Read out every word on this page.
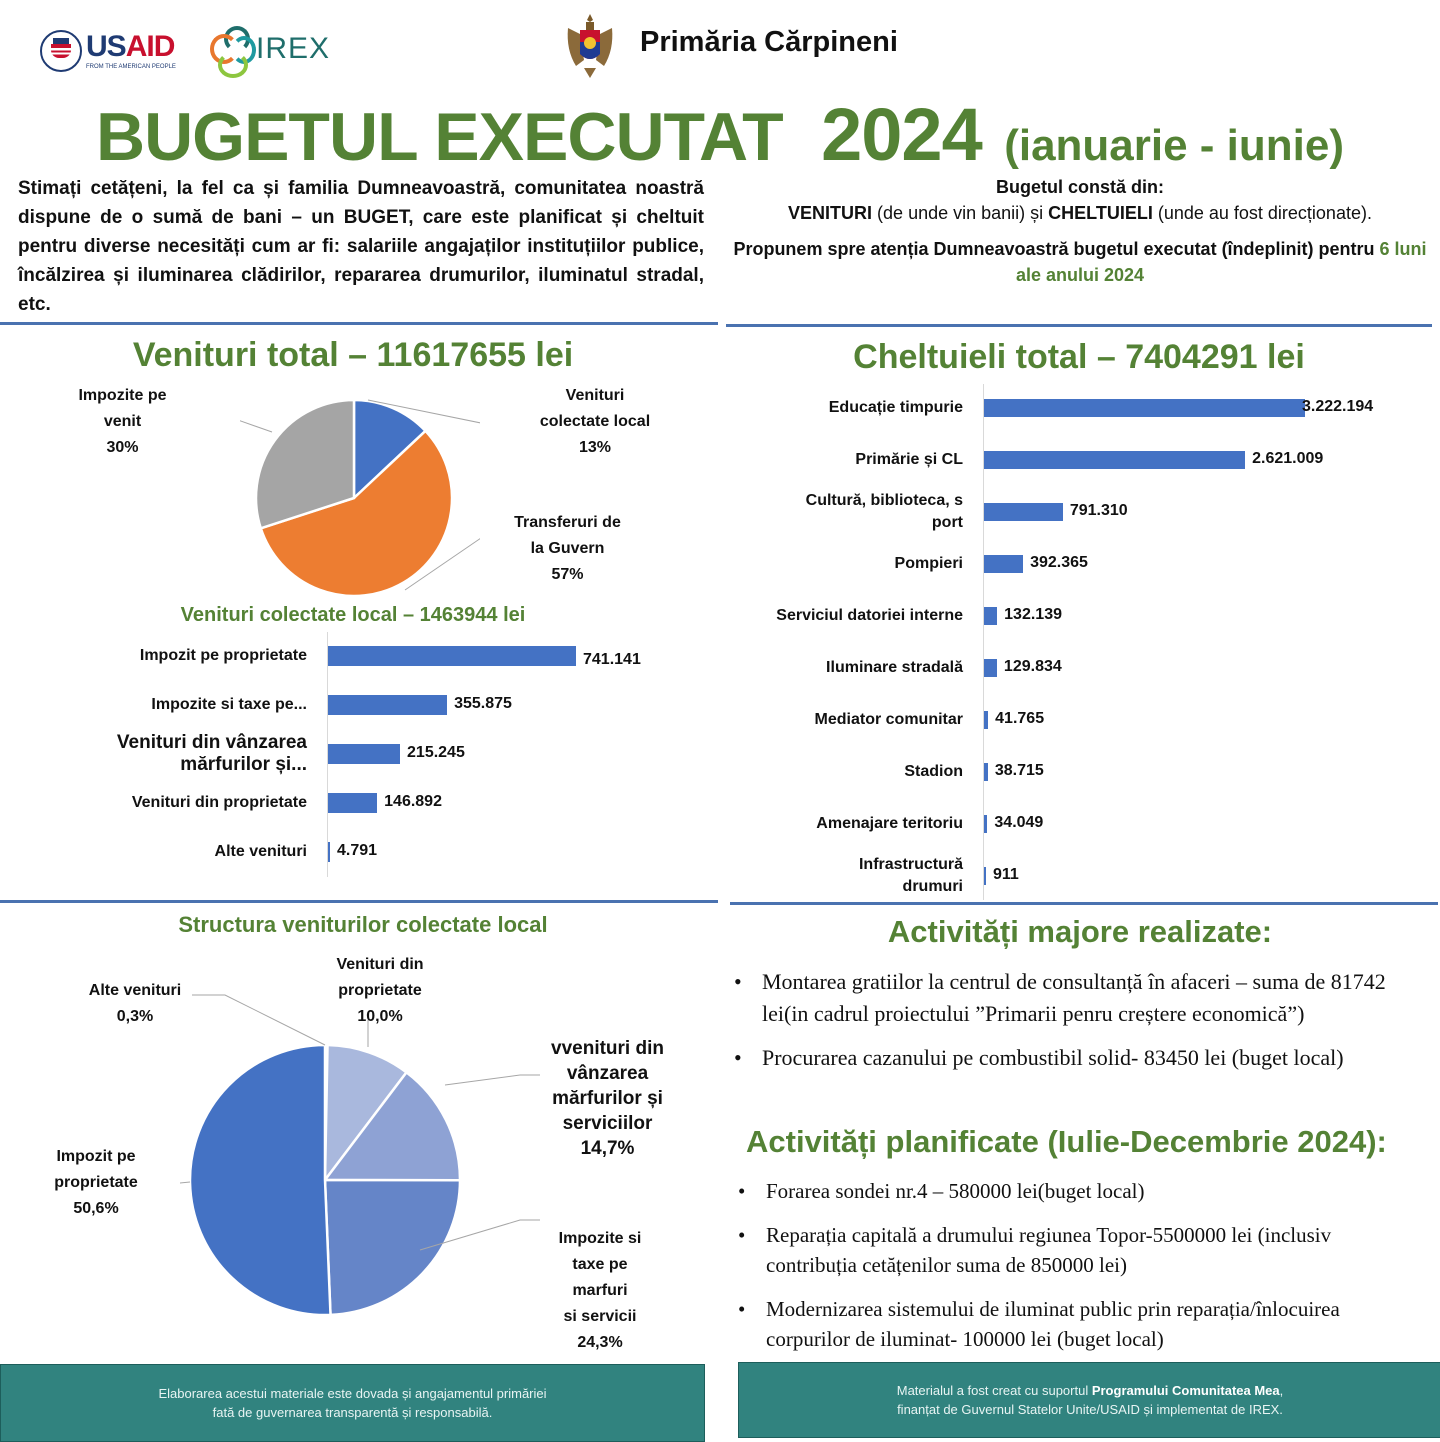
USAID
FROM THE AMERICAN PEOPLE
IREX	Primăria Cărpineni
BUGETUL EXECUTAT 2024 (ianuarie - iunie)
Stimați cetățeni, la fel ca și familia Dumneavoastră, comunitatea noastră dispune de o sumă de bani – un BUGET, care este planificat și cheltuit pentru diverse necesități cum ar fi: salariile angajaților instituțiilor publice, încălzirea și iluminarea clădirilor, repararea drumurilor, iluminatul stradal, etc.

Bugetul constă din:

VENITURI (de unde vin banii) și CHELTUIELI (unde au fost direcționate).

Propunem spre atenția Dumneavoastră bugetul executat (îndeplinit) pentru 6 luni ale anului 2024

Venituri total – 11617655 lei
Impozite pe
venit
30%
Venituri
colectate local
13%
Transferuri de
la Guvern
57%
Venituri colectate local – 1463944 lei
Impozit pe proprietate	741.141
Impozite si taxe pe...	355.875
Venituri din vânzarea
mărfurilor și...
215.245
Venituri din proprietate	146.892
Alte venituri 4.791
Cheltuieli total – 7404291 lei
Educație timpurie	3.222.194
Primărie și CL	2.621.009
Cultură, biblioteca, s
port
791.310
Pompieri	392.365
Serviciul datoriei interne	132.139
Iluminare stradală	129.834
Mediator comunitar 41.765
Stadion 38.715
Amenajare teritoriu 34.049
Infrastructură
drumuri
911
Structura veniturilor colectate local
Alte venituri
0,3%
Venituri din
proprietate
10,0%
vvenituri din
vânzarea
mărfurilor și
serviciilor
14,7%
Impozite si
taxe pe
marfuri
si servicii
24,3%
Impozit pe
proprietate
50,6%
Activități majore realizate:
• Montarea gratiilor la centrul de consultanță în afaceri – suma de 81742 lei(in cadrul proiectului ”Primarii penru creștere economică”)
• Procurarea cazanului pe combustibil solid- 83450 lei (buget local)
Activități planificate (Iulie-Decembrie 2024):
• Forarea sondei nr.4 – 580000 lei(buget local)
• Reparația capitală a drumului regiunea Topor-5500000 lei (inclusiv contribuția cetățenilor suma de 850000 lei)
• Modernizarea sistemului de iluminat public prin reparația/înlocuirea corpurilor de iluminat- 100000 lei (buget local)
Elaborarea acestui materiale este dovada și angajamentul primăriei
fată de guvernarea transparentă și responsabilă.
Materialul a fost creat cu suportul Programului Comunitatea Mea,
finanțat de Guvernul Statelor Unite/USAID și implementat de IREX.
